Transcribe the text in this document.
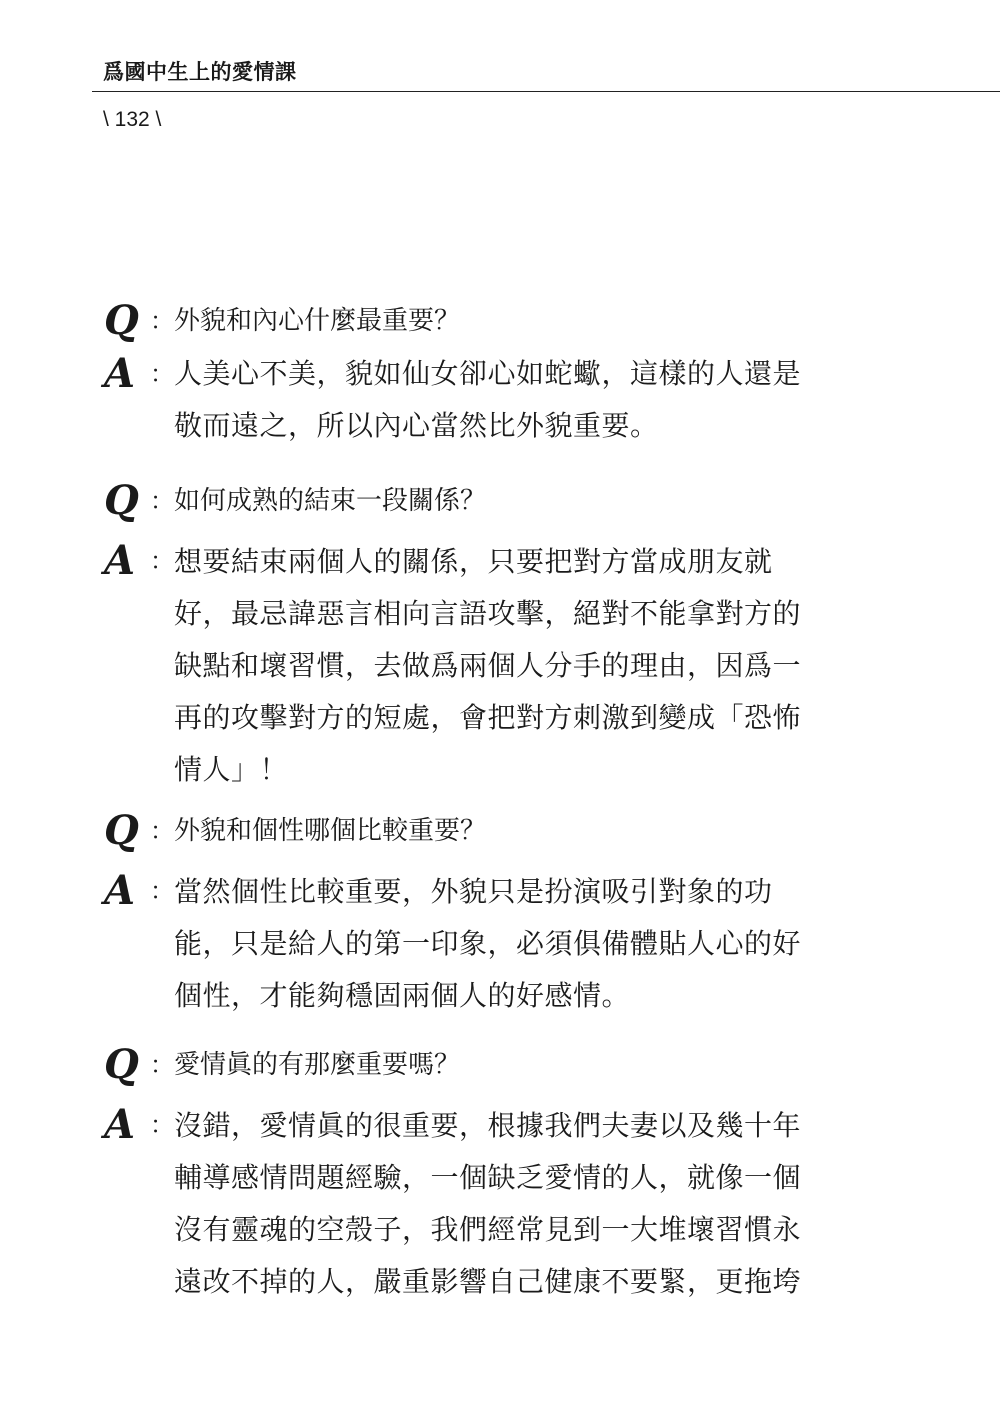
爲國中生上的愛情課
\ 132 \
Q ： 外貌和內心什麼最重要？
A ： 人美心不美，貌如仙女卻心如蛇蠍，這樣的人還是
敬而遠之，所以內心當然比外貌重要。
Q ： 如何成熟的結束一段關係？
A ： 想要結束兩個人的關係，只要把對方當成朋友就
好，最忌諱惡言相向言語攻擊，絕對不能拿對方的
缺點和壞習慣，去做爲兩個人分手的理由，因爲一
再的攻擊對方的短處，會把對方刺激到變成「恐怖
情人」！
Q ： 外貌和個性哪個比較重要？
A ： 當然個性比較重要，外貌只是扮演吸引對象的功
能，只是給人的第一印象，必須俱備體貼人心的好
個性，才能夠穩固兩個人的好感情。
Q ： 愛情眞的有那麼重要嗎？
A ： 沒錯，愛情眞的很重要，根據我們夫妻以及幾十年
輔導感情問題經驗，一個缺乏愛情的人，就像一個
沒有靈魂的空殼子，我們經常見到一大堆壞習慣永
遠改不掉的人，嚴重影響自己健康不要緊，更拖垮
